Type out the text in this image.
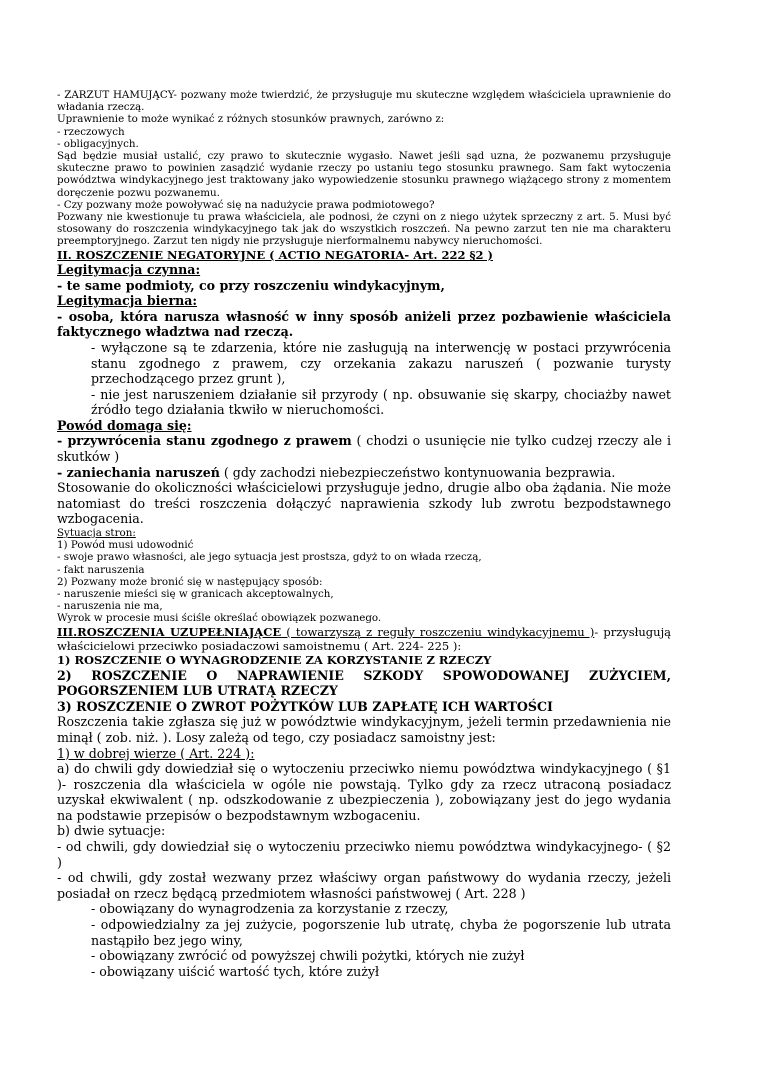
- ZARZUT HAMUJĄCY- pozwany może twierdzić, że przysługuje mu skuteczne względem właściciela uprawnienie do władania rzeczą.

Uprawnienie to może wynikać z różnych stosunków prawnych, zarówno z:

- rzeczowych

- obligacyjnych.

Sąd będzie musiał ustalić, czy prawo to skutecznie wygasło. Nawet jeśli sąd uzna, że pozwanemu przysługuje skuteczne prawo to powinien zasądzić wydanie rzeczy po ustaniu tego stosunku prawnego. Sam fakt wytoczenia powództwa windykacyjnego jest traktowany jako wypowiedzenie stosunku prawnego wiążącego strony z momentem doręczenie pozwu pozwanemu.

- Czy pozwany może powoływać się na nadużycie prawa podmiotowego?

Pozwany nie kwestionuje tu prawa właściciela, ale podnosi, że czyni on z niego użytek sprzeczny z art. 5. Musi być stosowany do roszczenia windykacyjnego tak jak do wszystkich roszczeń. Na pewno zarzut ten nie ma charakteru preemptoryjnego. Zarzut ten nigdy nie przysługuje nierformalnemu nabywcy nieruchomości.

II. ROSZCZENIE NEGATORYJNE ( ACTIO NEGATORIA- Art. 222 §2 )

Legitymacja czynna:

- te same podmioty, co przy roszczeniu windykacyjnym,

Legitymacja bierna:

- osoba, która narusza własność w inny sposób aniżeli przez pozbawienie właściciela faktycznego władztwa nad rzeczą.

- wyłączone są te zdarzenia, które nie zasługują na interwencję w postaci przywrócenia stanu zgodnego z prawem, czy orzekania zakazu naruszeń ( pozwanie turysty przechodzącego przez grunt ),

- nie jest naruszeniem działanie sił przyrody ( np. obsuwanie się skarpy, chociażby nawet źródło tego działania tkwiło w nieruchomości.

Powód domaga się:

- przywrócenia stanu zgodnego z prawem ( chodzi o usunięcie nie tylko cudzej rzeczy ale i skutków )

- zaniechania naruszeń ( gdy zachodzi niebezpieczeństwo kontynuowania bezprawia.

Stosowanie do okoliczności właścicielowi przysługuje jedno, drugie albo oba żądania. Nie może natomiast do treści roszczenia dołączyć naprawienia szkody lub zwrotu bezpodstawnego wzbogacenia.

Sytuacja stron:

1) Powód musi udowodnić

- swoje prawo własności, ale jego sytuacja jest prostsza, gdyż to on włada rzeczą,

- fakt naruszenia

2) Pozwany może bronić się w następujący sposób:

- naruszenie mieści się w granicach akceptowalnych,

- naruszenia nie ma,

Wyrok w procesie musi ściśle określać obowiązek pozwanego.

III.ROSZCZENIA UZUPEŁNIAJĄCE ( towarzyszą z reguły roszczeniu windykacyjnemu )- przysługują właścicielowi przeciwko posiadaczowi samoistnemu ( Art. 224- 225 ):

1) ROSZCZENIE O WYNAGRODZENIE ZA KORZYSTANIE Z RZECZY

2) ROSZCZENIE O NAPRAWIENIE SZKODY SPOWODOWANEJ ZUŻYCIEM, POGORSZENIEM LUB UTRATĄ RZECZY

3) ROSZCZENIE O ZWROT POŻYTKÓW LUB ZAPŁATĘ ICH WARTOŚCI

Roszczenia takie zgłasza się już w powództwie windykacyjnym, jeżeli termin przedawnienia nie minął ( zob. niż. ). Losy zależą od tego, czy posiadacz samoistny jest:

1) w dobrej wierze ( Art. 224 ):

a) do chwili gdy dowiedział się o wytoczeniu przeciwko niemu powództwa windykacyjnego ( §1 )- roszczenia dla właściciela w ogóle nie powstają. Tylko gdy za rzecz utraconą posiadacz uzyskał ekwiwalent ( np. odszkodowanie z ubezpieczenia ), zobowiązany jest do jego wydania na podstawie przepisów o bezpodstawnym wzbogaceniu.

b) dwie sytuacje:

- od chwili, gdy dowiedział się o wytoczeniu przeciwko niemu powództwa windykacyjnego- ( §2 )

- od chwili, gdy został wezwany przez właściwy organ państwowy do wydania rzeczy, jeżeli posiadał on rzecz będącą przedmiotem własności państwowej ( Art. 228 )

- obowiązany do wynagrodzenia za korzystanie z rzeczy,

- odpowiedzialny za jej zużycie, pogorszenie lub utratę, chyba że pogorszenie lub utrata nastąpiło bez jego winy,

- obowiązany zwrócić od powyższej chwili pożytki, których nie zużył

- obowiązany uiścić wartość tych, które zużył
